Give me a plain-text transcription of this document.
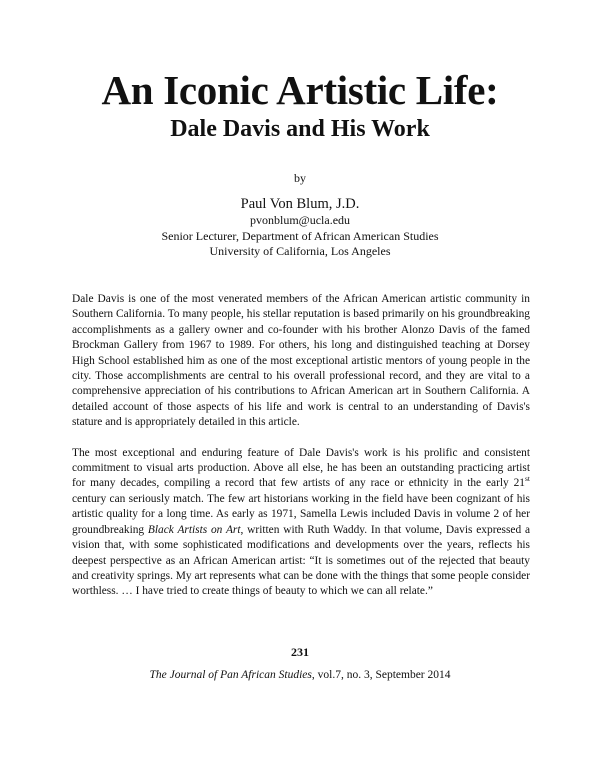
An Iconic Artistic Life:
Dale Davis and His Work
by
Paul Von Blum, J.D.
pvonblum@ucla.edu
Senior Lecturer, Department of African American Studies
University of California, Los Angeles

Dale Davis is one of the most venerated members of the African American artistic community in Southern California. To many people, his stellar reputation is based primarily on his groundbreaking accomplishments as a gallery owner and co-founder with his brother Alonzo Davis of the famed Brockman Gallery from 1967 to 1989. For others, his long and distinguished teaching at Dorsey High School established him as one of the most exceptional artistic mentors of young people in the city. Those accomplishments are central to his overall professional record, and they are vital to a comprehensive appreciation of his contributions to African American art in Southern California. A detailed account of those aspects of his life and work is central to an understanding of Davis's stature and is appropriately detailed in this article.

The most exceptional and enduring feature of Dale Davis's work is his prolific and consistent commitment to visual arts production. Above all else, he has been an outstanding practicing artist for many decades, compiling a record that few artists of any race or ethnicity in the early 21st century can seriously match. The few art historians working in the field have been cognizant of his artistic quality for a long time. As early as 1971, Samella Lewis included Davis in volume 2 of her groundbreaking Black Artists on Art, written with Ruth Waddy. In that volume, Davis expressed a vision that, with some sophisticated modifications and developments over the years, reflects his deepest perspective as an African American artist: “It is sometimes out of the rejected that beauty and creativity springs. My art represents what can be done with the things that some people consider worthless. … I have tried to create things of beauty to which we can all relate.”

231
The Journal of Pan African Studies, vol.7, no. 3, September 2014
